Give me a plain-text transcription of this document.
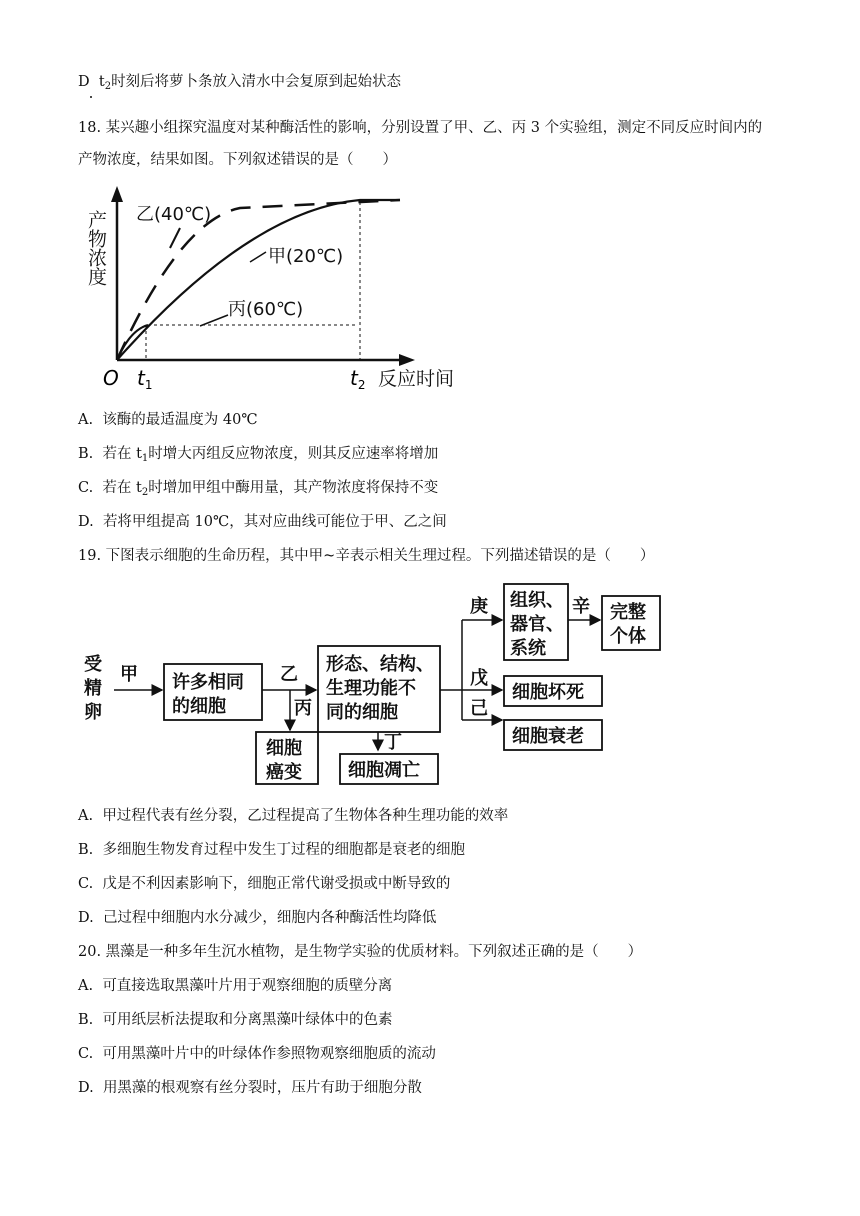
D $t_2$时刻后将萝卜条放入清水中会复原到起始状态
18. 某兴趣小组探究温度对某种酶活性的影响，分别设置了甲、乙、丙 3 个实验组，测定不同反应时间内的
产物浓度，结果如图。下列叙述错误的是（　　）
产物浓度
O $t_1$	$t_2$ 反应时间
乙(40℃)
甲(20℃)
丙(60℃)
A.  该酶的最适温度为 40℃
B.  若在 $t_1$时增大丙组反应物浓度，则其反应速率将增加
C.  若在 $t_2$时增加甲组中酶用量，其产物浓度将保持不变
D.  若将甲组提高 10℃，其对应曲线可能位于甲、乙之间
19. 下图表示细胞的生命历程，其中甲~辛表示相关生理过程。下列描述错误的是（　　）
受精卵
甲 许多相同的细胞
乙
丙
细胞癌变
形态、结构、生理功能不同的细胞
丁
细胞凋亡
庚
戊
己
组织、器官、系统
辛 完整个体
细胞坏死
细胞衰老
A.  甲过程代表有丝分裂，乙过程提高了生物体各种生理功能的效率
B.  多细胞生物发育过程中发生丁过程的细胞都是衰老的细胞
C.  戊是不利因素影响下，细胞正常代谢受损或中断导致的
D.  己过程中细胞内水分减少，细胞内各种酶活性均降低
20. 黑藻是一种多年生沉水植物，是生物学实验的优质材料。下列叙述正确的是（　　）
A.  可直接选取黑藻叶片用于观察细胞的质壁分离
B.  可用纸层析法提取和分离黑藻叶绿体中的色素
C.  可用黑藻叶片中的叶绿体作参照物观察细胞质的流动
D.  用黑藻的根观察有丝分裂时，压片有助于细胞分散
